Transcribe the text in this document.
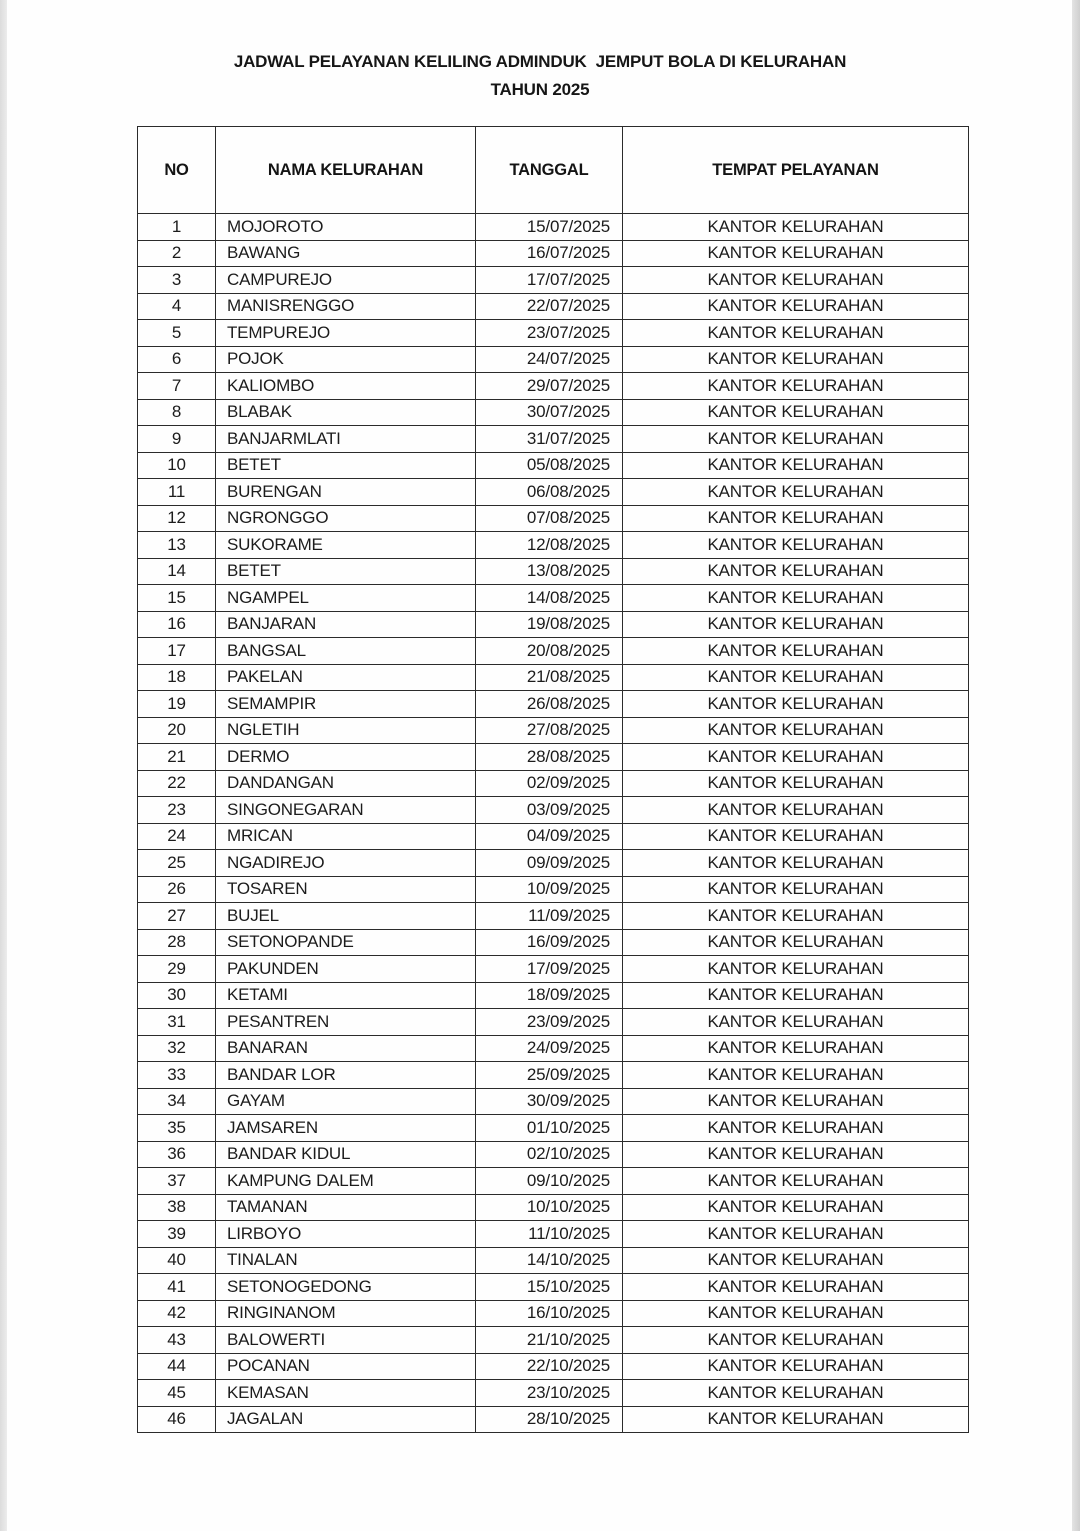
JADWAL PELAYANAN KELILING ADMINDUK  JEMPUT BOLA DI KELURAHAN
TAHUN 2025
NO	NAMA KELURAHAN	TANGGAL	TEMPAT PELAYANAN
1	MOJOROTO	15/07/2025	KANTOR KELURAHAN
2	BAWANG	16/07/2025	KANTOR KELURAHAN
3	CAMPUREJO	17/07/2025	KANTOR KELURAHAN
4	MANISRENGGO	22/07/2025	KANTOR KELURAHAN
5	TEMPUREJO	23/07/2025	KANTOR KELURAHAN
6	POJOK	24/07/2025	KANTOR KELURAHAN
7	KALIOMBO	29/07/2025	KANTOR KELURAHAN
8	BLABAK	30/07/2025	KANTOR KELURAHAN
9	BANJARMLATI	31/07/2025	KANTOR KELURAHAN
10	BETET	05/08/2025	KANTOR KELURAHAN
11	BURENGAN	06/08/2025	KANTOR KELURAHAN
12	NGRONGGO	07/08/2025	KANTOR KELURAHAN
13	SUKORAME	12/08/2025	KANTOR KELURAHAN
14	BETET	13/08/2025	KANTOR KELURAHAN
15	NGAMPEL	14/08/2025	KANTOR KELURAHAN
16	BANJARAN	19/08/2025	KANTOR KELURAHAN
17	BANGSAL	20/08/2025	KANTOR KELURAHAN
18	PAKELAN	21/08/2025	KANTOR KELURAHAN
19	SEMAMPIR	26/08/2025	KANTOR KELURAHAN
20	NGLETIH	27/08/2025	KANTOR KELURAHAN
21	DERMO	28/08/2025	KANTOR KELURAHAN
22	DANDANGAN	02/09/2025	KANTOR KELURAHAN
23	SINGONEGARAN	03/09/2025	KANTOR KELURAHAN
24	MRICAN	04/09/2025	KANTOR KELURAHAN
25	NGADIREJO	09/09/2025	KANTOR KELURAHAN
26	TOSAREN	10/09/2025	KANTOR KELURAHAN
27	BUJEL	11/09/2025	KANTOR KELURAHAN
28	SETONOPANDE	16/09/2025	KANTOR KELURAHAN
29	PAKUNDEN	17/09/2025	KANTOR KELURAHAN
30	KETAMI	18/09/2025	KANTOR KELURAHAN
31	PESANTREN	23/09/2025	KANTOR KELURAHAN
32	BANARAN	24/09/2025	KANTOR KELURAHAN
33	BANDAR LOR	25/09/2025	KANTOR KELURAHAN
34	GAYAM	30/09/2025	KANTOR KELURAHAN
35	JAMSAREN	01/10/2025	KANTOR KELURAHAN
36	BANDAR KIDUL	02/10/2025	KANTOR KELURAHAN
37	KAMPUNG DALEM	09/10/2025	KANTOR KELURAHAN
38	TAMANAN	10/10/2025	KANTOR KELURAHAN
39	LIRBOYO	11/10/2025	KANTOR KELURAHAN
40	TINALAN	14/10/2025	KANTOR KELURAHAN
41	SETONOGEDONG	15/10/2025	KANTOR KELURAHAN
42	RINGINANOM	16/10/2025	KANTOR KELURAHAN
43	BALOWERTI	21/10/2025	KANTOR KELURAHAN
44	POCANAN	22/10/2025	KANTOR KELURAHAN
45	KEMASAN	23/10/2025	KANTOR KELURAHAN
46	JAGALAN	28/10/2025	KANTOR KELURAHAN
